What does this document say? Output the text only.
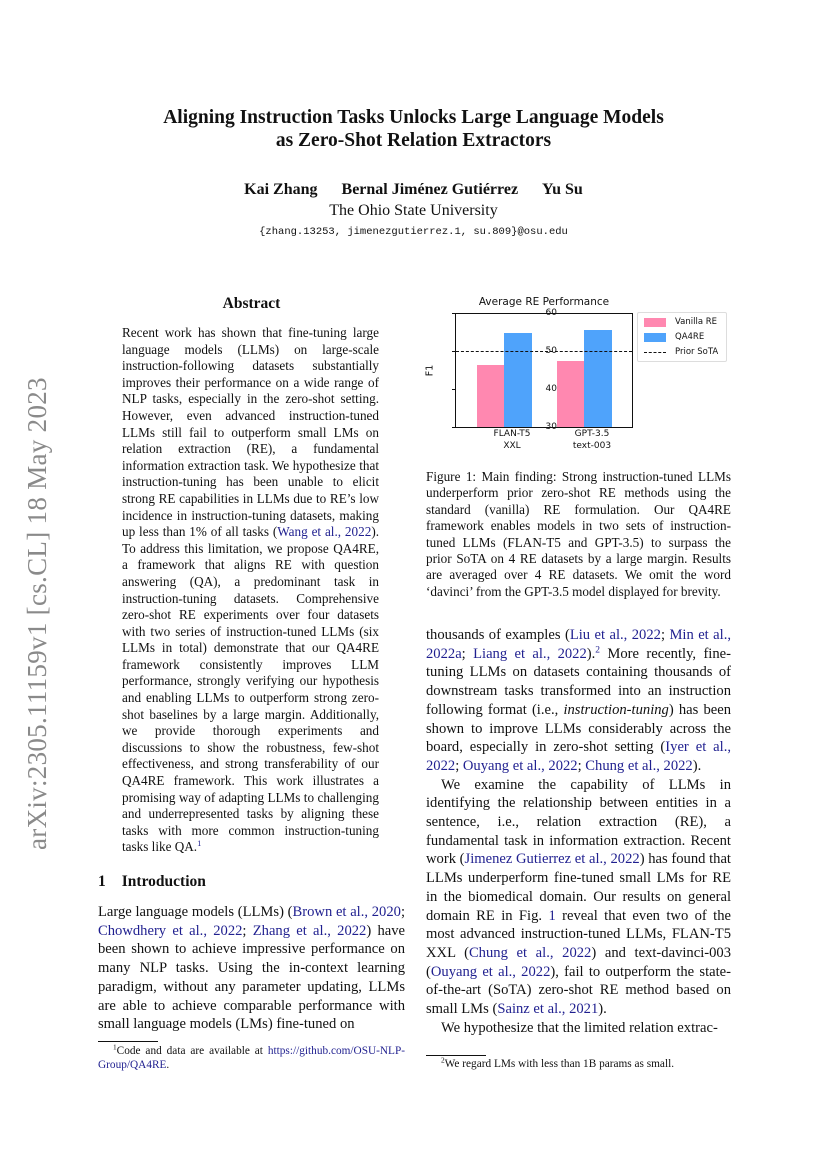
arXiv:2305.11159v1 [cs.CL] 18 May 2023
Aligning Instruction Tasks Unlocks Large Language Models
as Zero-Shot Relation Extractors
Kai Zhang Bernal Jiménez Gutiérrez Yu Su
The Ohio State University
{zhang.13253, jimenezgutierrez.1, su.809}@osu.edu
Abstract
Recent work has shown that fine-tuning large language models (LLMs) on large-scale instruction-following datasets substantially improves their performance on a wide range of NLP tasks, especially in the zero-shot setting. However, even advanced instruction-tuned LLMs still fail to outperform small LMs on relation extraction (RE), a fundamental information extraction task. We hypothesize that instruction-tuning has been unable to elicit strong RE capabilities in LLMs due to RE’s low incidence in instruction-tuning datasets, making up less than 1% of all tasks (Wang et al., 2022). To address this limitation, we propose QA4RE, a framework that aligns RE with question answering (QA), a predominant task in instruction-tuning datasets. Comprehensive zero-shot RE experiments over four datasets with two series of instruction-tuned LLMs (six LLMs in total) demonstrate that our QA4RE framework consistently improves LLM performance, strongly verifying our hypothesis and enabling LLMs to outperform strong zero-shot baselines by a large margin. Additionally, we provide thorough experiments and discussions to show the robustness, few-shot effectiveness, and strong transferability of our QA4RE framework. This work illustrates a promising way of adapting LLMs to challenging and underrepresented tasks by aligning these tasks with more common instruction-tuning tasks like QA.$^1$
1 Introduction
Large language models (LLMs) (Brown et al., 2020; Chowdhery et al., 2022; Zhang et al., 2022) have been shown to achieve impressive performance on many NLP tasks. Using the in-context learning paradigm, without any parameter updating, LLMs are able to achieve comparable performance with small language models (LMs) fine-tuned on
$^1$Code and data are available at https://github.com/OSU-NLP-Group/QA4RE.
Average RE Performance
F1
60
50
40
30
FLAN-T5
XXL
GPT-3.5
text-003
Vanilla RE
QA4RE
Prior SoTA
Figure 1: Main finding: Strong instruction-tuned LLMs underperform prior zero-shot RE methods using the standard (vanilla) RE formulation. Our QA4RE framework enables models in two sets of instruction-tuned LLMs (FLAN-T5 and GPT-3.5) to surpass the prior SoTA on 4 RE datasets by a large margin. Results are averaged over 4 RE datasets. We omit the word ‘davinci’ from the GPT-3.5 model displayed for brevity.
thousands of examples (Liu et al., 2022; Min et al., 2022a; Liang et al., 2022).$^2$ More recently, fine-tuning LLMs on datasets containing thousands of downstream tasks transformed into an instruction following format (i.e., instruction-tuning) has been shown to improve LLMs considerably across the board, especially in zero-shot setting (Iyer et al., 2022; Ouyang et al., 2022; Chung et al., 2022).
We examine the capability of LLMs in identifying the relationship between entities in a sentence, i.e., relation extraction (RE), a fundamental task in information extraction. Recent work (Jimenez Gutierrez et al., 2022) has found that LLMs underperform fine-tuned small LMs for RE in the biomedical domain. Our results on general domain RE in Fig. 1 reveal that even two of the most advanced instruction-tuned LLMs, FLAN-T5 XXL (Chung et al., 2022) and text-davinci-003 (Ouyang et al., 2022), fail to outperform the state-of-the-art (SoTA) zero-shot RE method based on small LMs (Sainz et al., 2021).
We hypothesize that the limited relation extrac-
$^2$We regard LMs with less than 1B params as small.
